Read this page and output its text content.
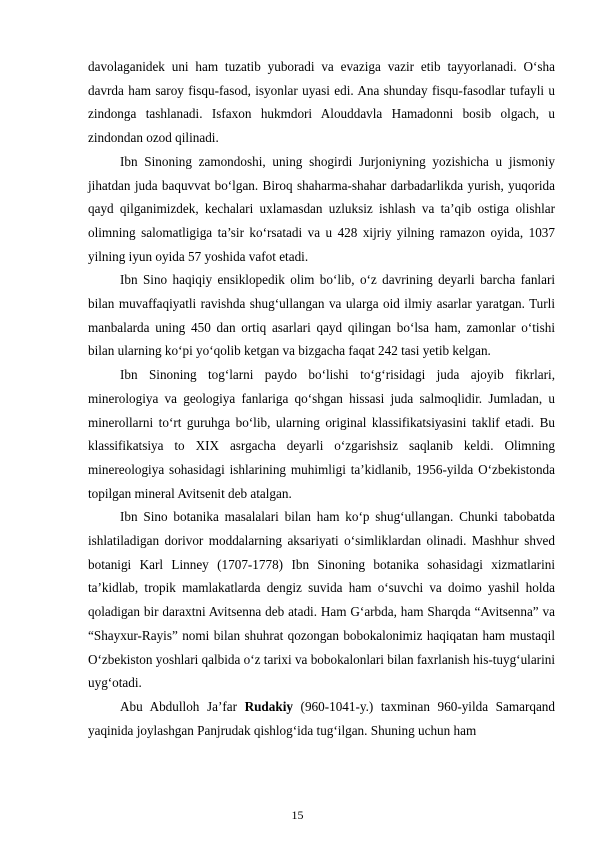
davolaganidek uni ham tuzatib yuboradi va evaziga vazir etib tayyorlanadi. O‘sha davrda ham saroy fisqu-fasod, isyonlar uyasi edi. Ana shunday fisqu-fasodlar tufayli u zindonga tashlanadi. Isfaxon hukmdori Alouddavla Hamadonni bosib olgach, u zindondan ozod qilinadi.

Ibn Sinoning zamondoshi, uning shogirdi Jurjoniyning yozishicha u jismoniy jihatdan juda baquvvat bo‘lgan. Biroq shaharma-shahar darbadarlikda yurish, yuqorida qayd qilganimizdek, kechalari uxlamasdan uzluksiz ishlash va ta’qib ostiga olishlar olimning salomatligiga ta’sir ko‘rsatadi va u 428 xijriy yilning ramazon oyida, 1037 yilning iyun oyida 57 yoshida vafot etadi.

Ibn Sino haqiqiy ensiklopedik olim bo‘lib, o‘z davrining deyarli barcha fanlari bilan muvaffaqiyatli ravishda shug‘ullangan va ularga oid ilmiy asarlar yaratgan. Turli manbalarda uning 450 dan ortiq asarlari qayd qilingan bo‘lsa ham, zamonlar o‘tishi bilan ularning ko‘pi yo‘qolib ketgan va bizgacha faqat 242 tasi yetib kelgan.

Ibn Sinoning tog‘larni paydo bo‘lishi to‘g‘risidagi juda ajoyib fikrlari, minerologiya va geologiya fanlariga qo‘shgan hissasi juda salmoqlidir. Jumladan, u minerollarni to‘rt guruhga bo‘lib, ularning original klassifikatsiyasini taklif etadi. Bu klassifikatsiya to XIX asrgacha deyarli o‘zgarishsiz saqlanib keldi. Olimning minereologiya sohasidagi ishlarining muhimligi ta’kidlanib, 1956-yilda O‘zbekistonda topilgan mineral Avitsenit deb atalgan.

Ibn Sino botanika masalalari bilan ham ko‘p shug‘ullangan. Chunki tabobatda ishlatiladigan dorivor moddalarning aksariyati o‘simliklardan olinadi. Mashhur shved botanigi Karl Linney (1707-1778) Ibn Sinoning botanika sohasidagi xizmatlarini ta’kidlab, tropik mamlakatlarda dengiz suvida ham o‘suvchi va doimo yashil holda qoladigan bir daraxtni Avitsenna deb atadi. Ham G‘arbda, ham Sharqda “Avitsenna” va “Shayxur-Rayis” nomi bilan shuhrat qozongan bobokalonimiz haqiqatan ham mustaqil O‘zbekiston yoshlari qalbida o‘z tarixi va bobokalonlari bilan faxrlanish his-tuyg‘ularini uyg‘otadi.

Abu Abdulloh Ja’far Rudakiy (960-1041-y.) taxminan 960-yilda Samarqand yaqinida joylashgan Panjrudak qishlog‘ida tug‘ilgan. Shuning uchun ham

15
